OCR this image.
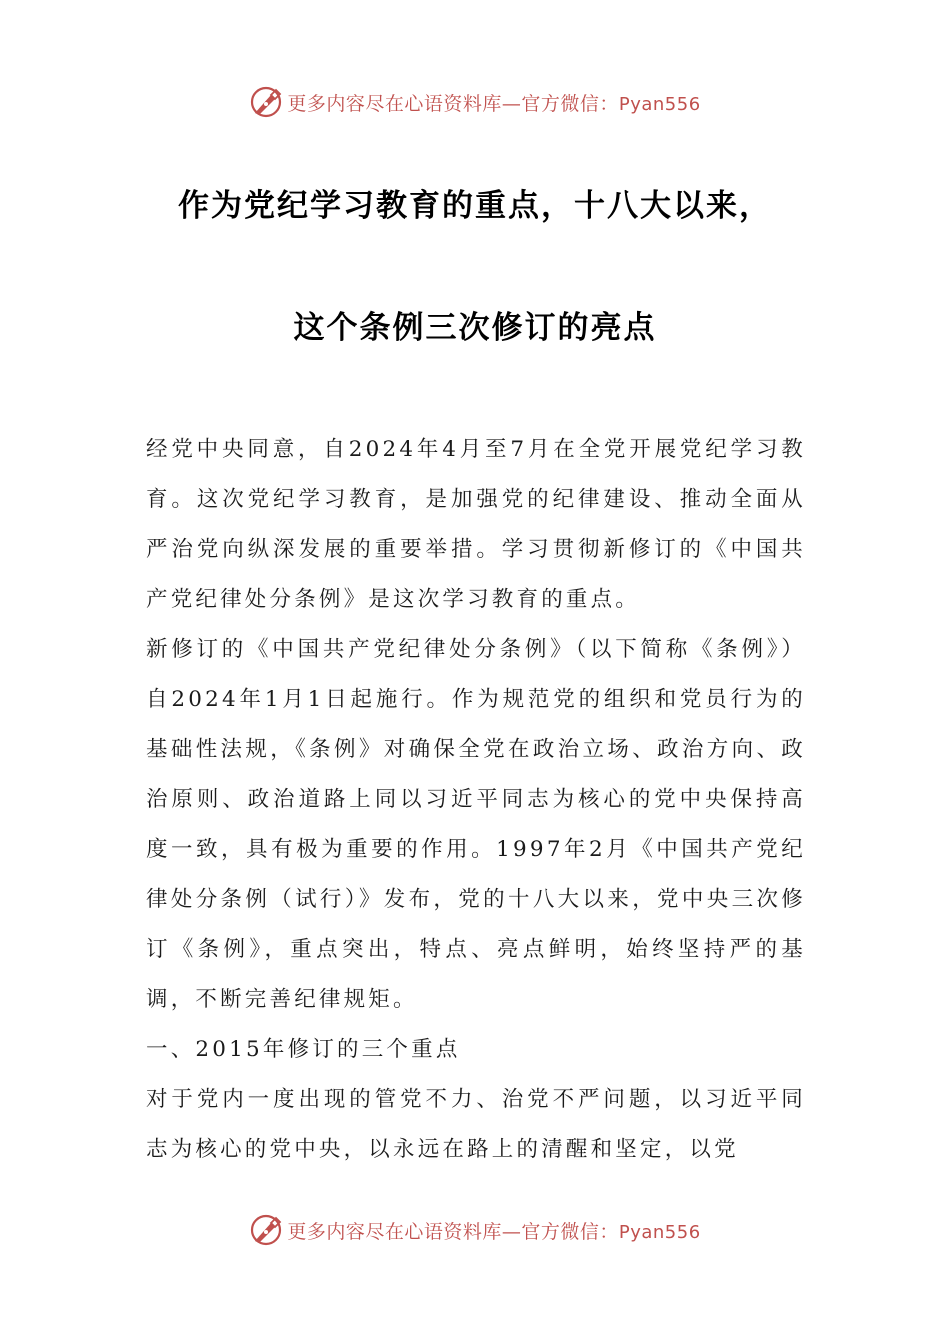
更多内容尽在心语资料库—官方微信：Pyan556
作为党纪学习教育的重点，十八大以来，
这个条例三次修订的亮点

经党中央同意，自2024年4月至7月在全党开展党纪学习教育。这次党纪学习教育，是加强党的纪律建设、推动全面从严治党向纵深发展的重要举措。学习贯彻新修订的《中国共产党纪律处分条例》是这次学习教育的重点。

新修订的《中国共产党纪律处分条例》（以下简称《条例》）自2024年1月1日起施行。作为规范党的组织和党员行为的基础性法规，《条例》对确保全党在政治立场、政治方向、政治原则、政治道路上同以习近平同志为核心的党中央保持高度一致，具有极为重要的作用。1997年2月《中国共产党纪律处分条例（试行）》发布，党的十八大以来，党中央三次修订《条例》，重点突出，特点、亮点鲜明，始终坚持严的基调，不断完善纪律规矩。

一、2015年修订的三个重点

对于党内一度出现的管党不力、治党不严问题，以习近平同志为核心的党中央，以永远在路上的清醒和坚定，以党

更多内容尽在心语资料库—官方微信：Pyan556
